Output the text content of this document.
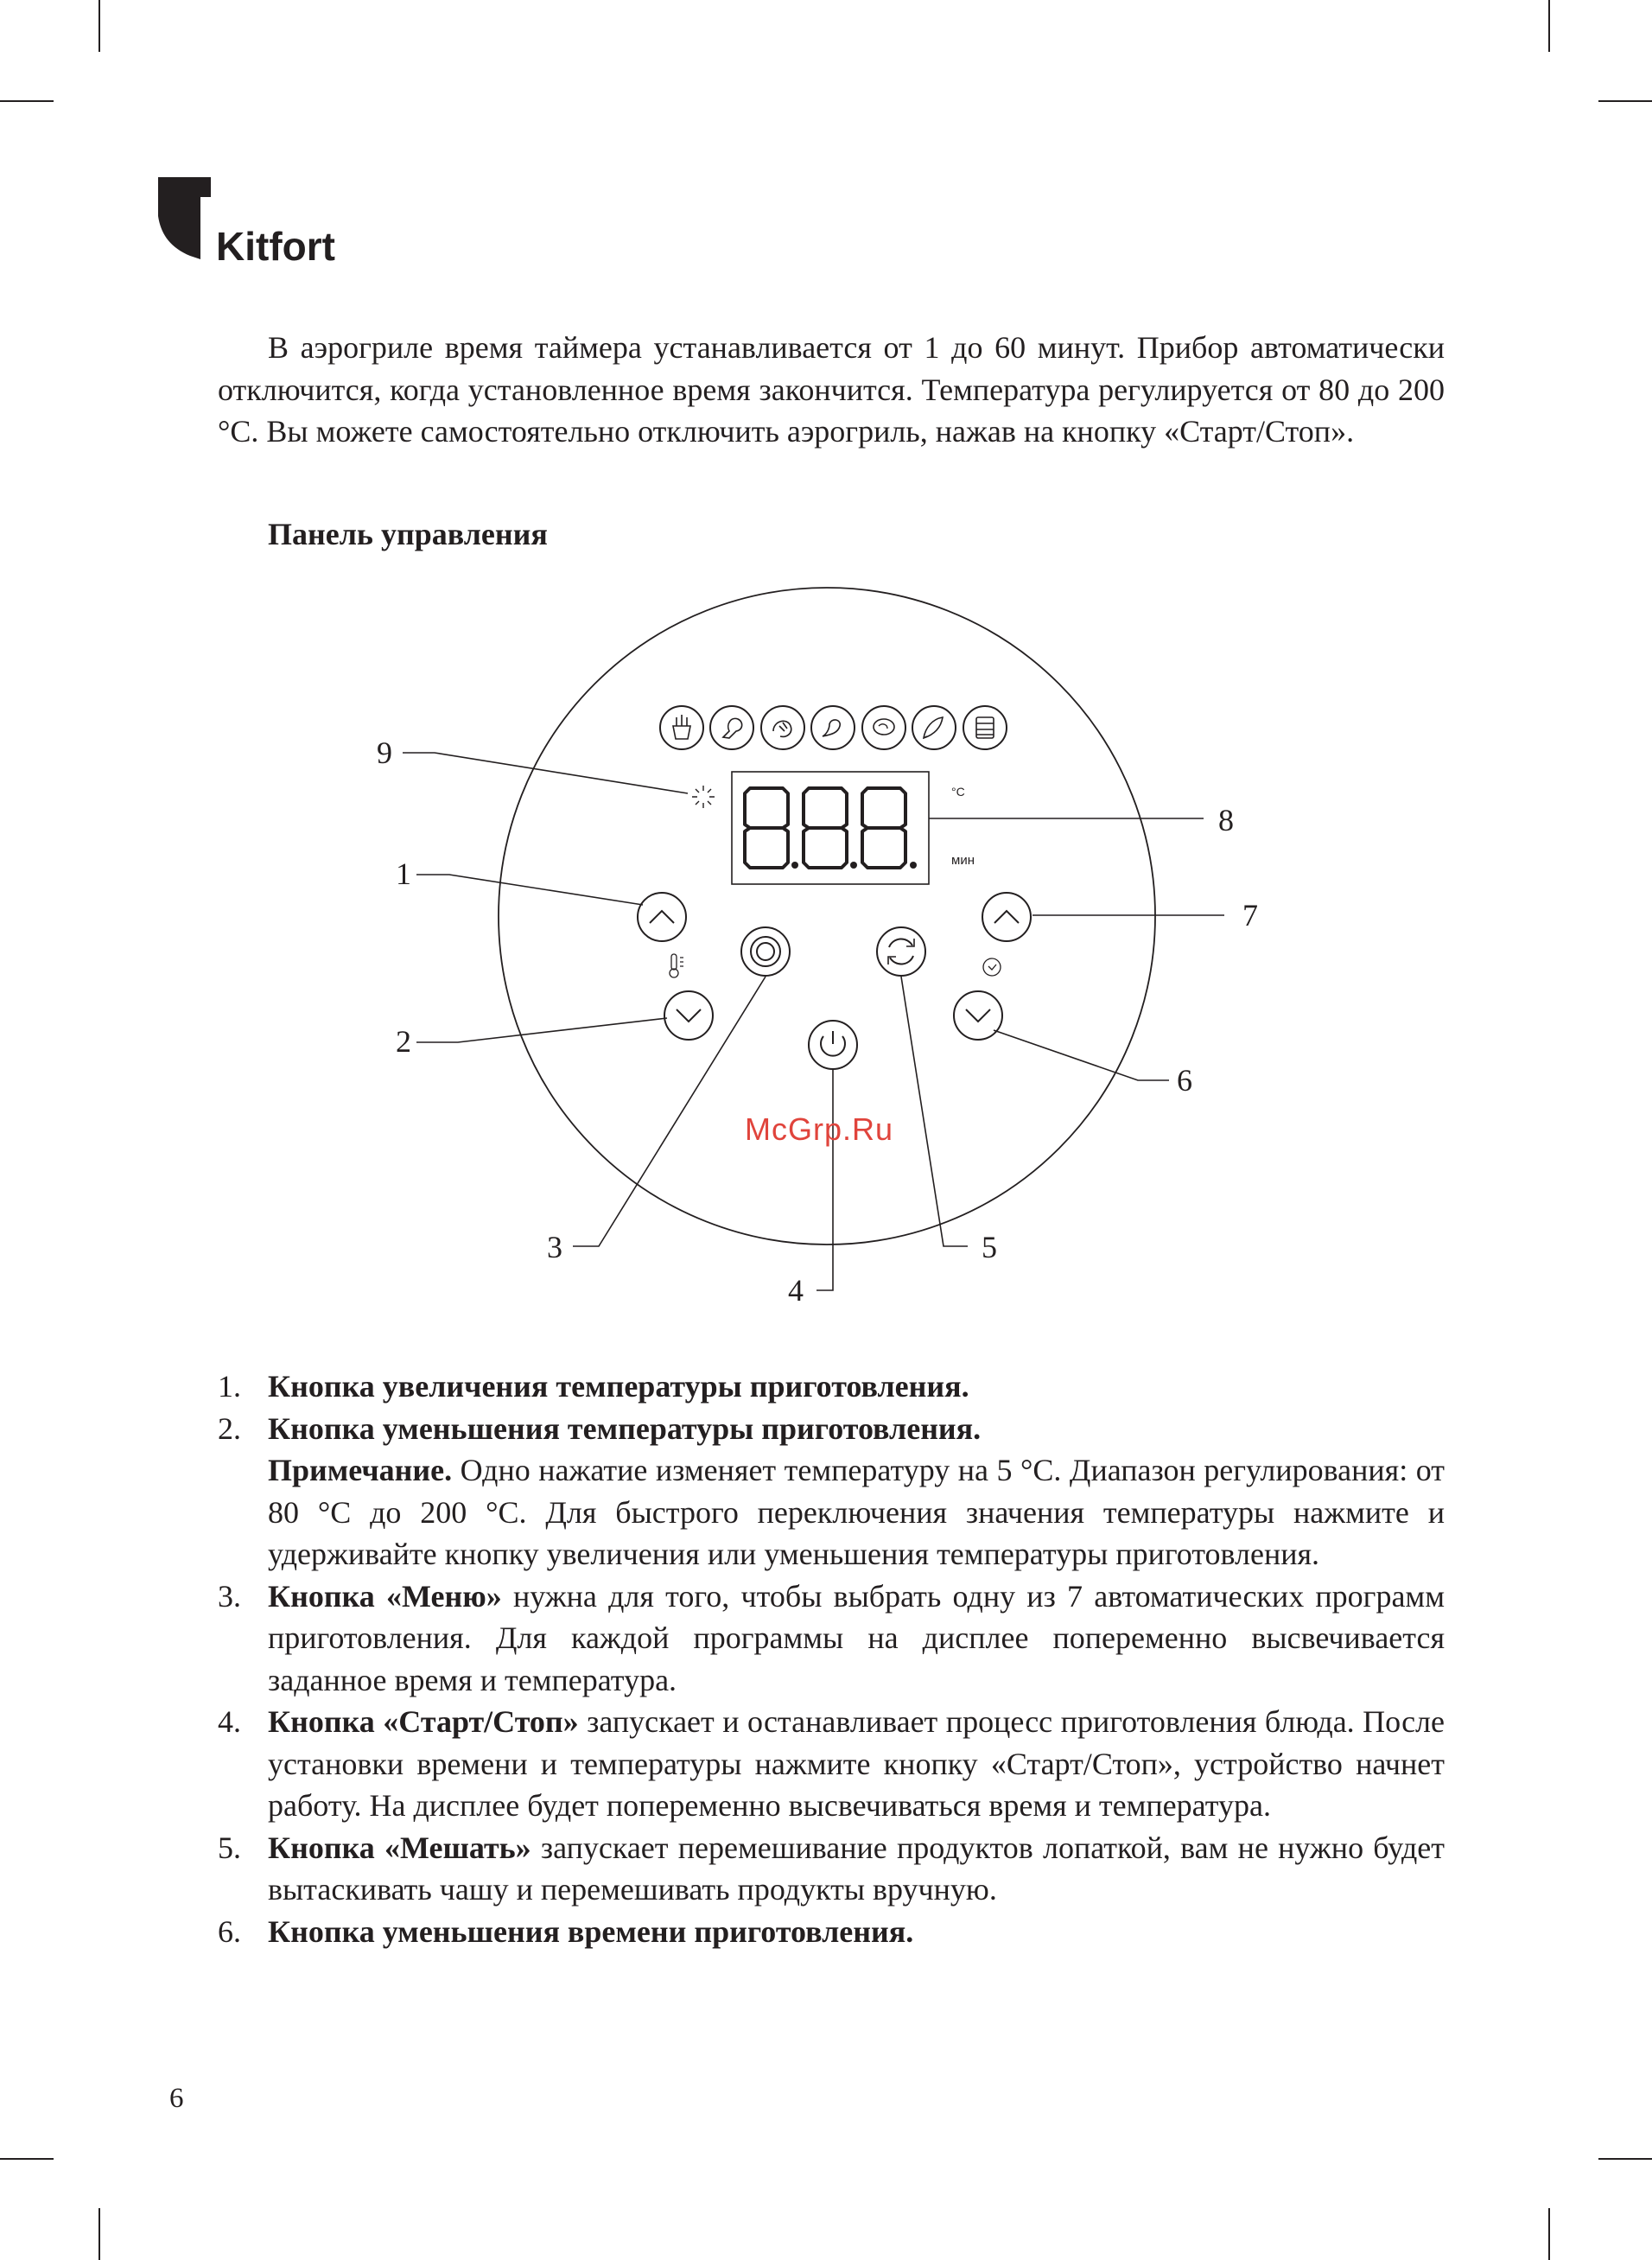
Kitfort

В аэрогриле время таймера устанавливается от 1 до 60 минут. Прибор автоматически отключится, когда установленное время закончится. Температура регулируется от 80 до 200 °C. Вы можете самостоятельно отключить аэрогриль, нажав на кнопку «Старт/Стоп».

Панель управления
°C
мин
1
2
3
4
5
6
7
8
9
McGrp.Ru
1. Кнопка увеличения температуры приготовления.
2. Кнопка уменьшения температуры приготовления.
Примечание. Одно нажатие изменяет температуру на 5 °C. Диапазон регулирования: от 80 °C до 200 °C. Для быстрого переключения значения температуры нажмите и удерживайте кнопку увеличения или уменьшения температуры приготовления.
3. Кнопка «Меню» нужна для того, чтобы выбрать одну из 7 автоматических программ приготовления. Для каждой программы на дисплее попеременно высвечивается заданное время и температура.
4. Кнопка «Старт/Стоп» запускает и останавливает процесс приготовления блюда. После установки времени и температуры нажмите кнопку «Старт/Стоп», устройство начнет работу. На дисплее будет попеременно высвечиваться время и температура.
5. Кнопка «Мешать» запускает перемешивание продуктов лопаткой, вам не нужно будет вытаскивать чашу и перемешивать продукты вручную.
6. Кнопка уменьшения времени приготовления.
6
